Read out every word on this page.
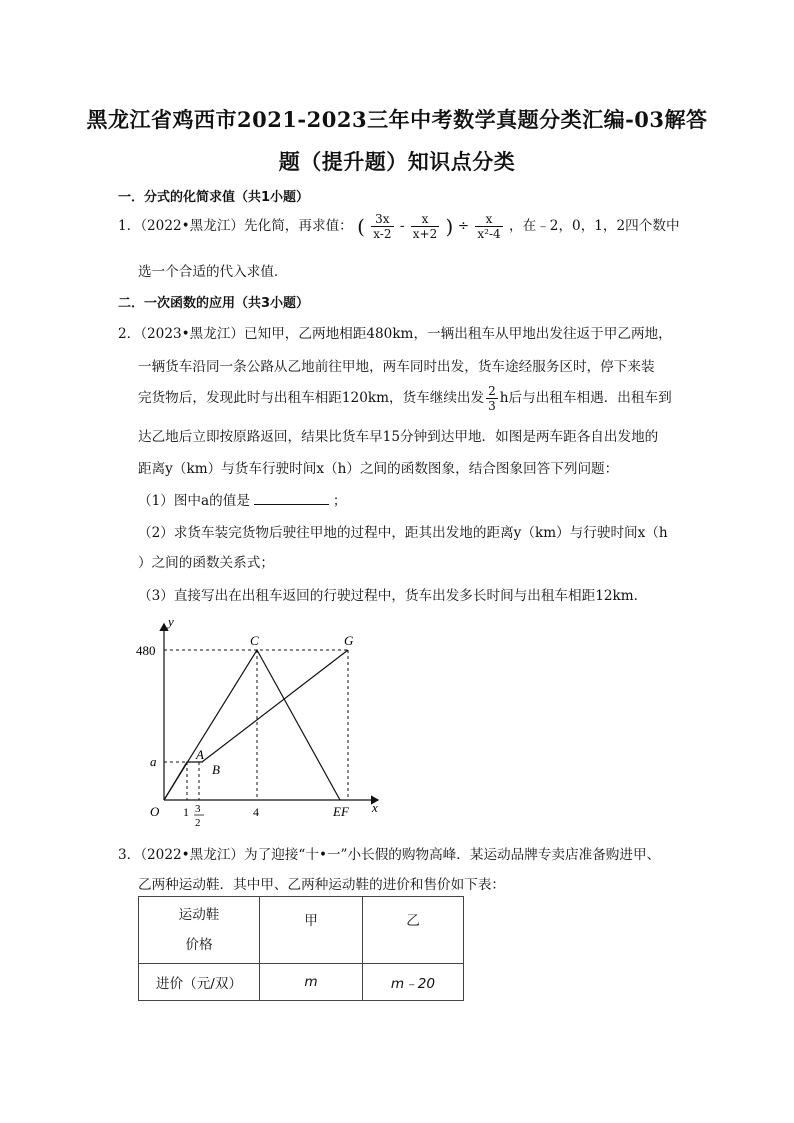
黑龙江省鸡西市2021-2023三年中考数学真题分类汇编-03解答
题（提升题）知识点分类
一．分式的化简求值（共1小题）
1．（2022•黑龙江）先化简，再求值： ( $\frac{3x}{x-2} - \frac{x}{x+2}$ ) ÷ $\frac{x}{\text{x²-4}}$ ，在﹣2，0，1，2四个数中
选一个合适的代入求值．
二．一次函数的应用（共3小题）
2．（2023•黑龙江）已知甲，乙两地相距480km，一辆出租车从甲地出发往返于甲乙两地，
一辆货车沿同一条公路从乙地前往甲地，两车同时出发，货车途经服务区时，停下来装
完货物后，发现此时与出租车相距120km，货车继续出发 $\frac{2}{3}$ h后与出租车相遇．出租车到
达乙地后立即按原路返回，结果比货车早15分钟到达甲地．如图是两车距各自出发地的
距离y（km）与货车行驶时间x（h）之间的函数图象，结合图象回答下列问题：
（1）图中a的值是	；
（2）求货车装完货物后驶往甲地的过程中，距其出发地的距离y（km）与行驶时间x（h
）之间的函数关系式；
（3）直接写出在出租车返回的行驶过程中，货车出发多长时间与出租车相距12km.
y
x
480
a
O 1 3
2
4
A
B
C	G
EF
3．（2022•黑龙江）为了迎接“十•一”小长假的购物高峰．某运动品牌专卖店准备购进甲、
乙两种运动鞋．其中甲、乙两种运动鞋的进价和售价如下表：
运动鞋
价格	甲	乙
进价（元/双）	m	m﹣20
